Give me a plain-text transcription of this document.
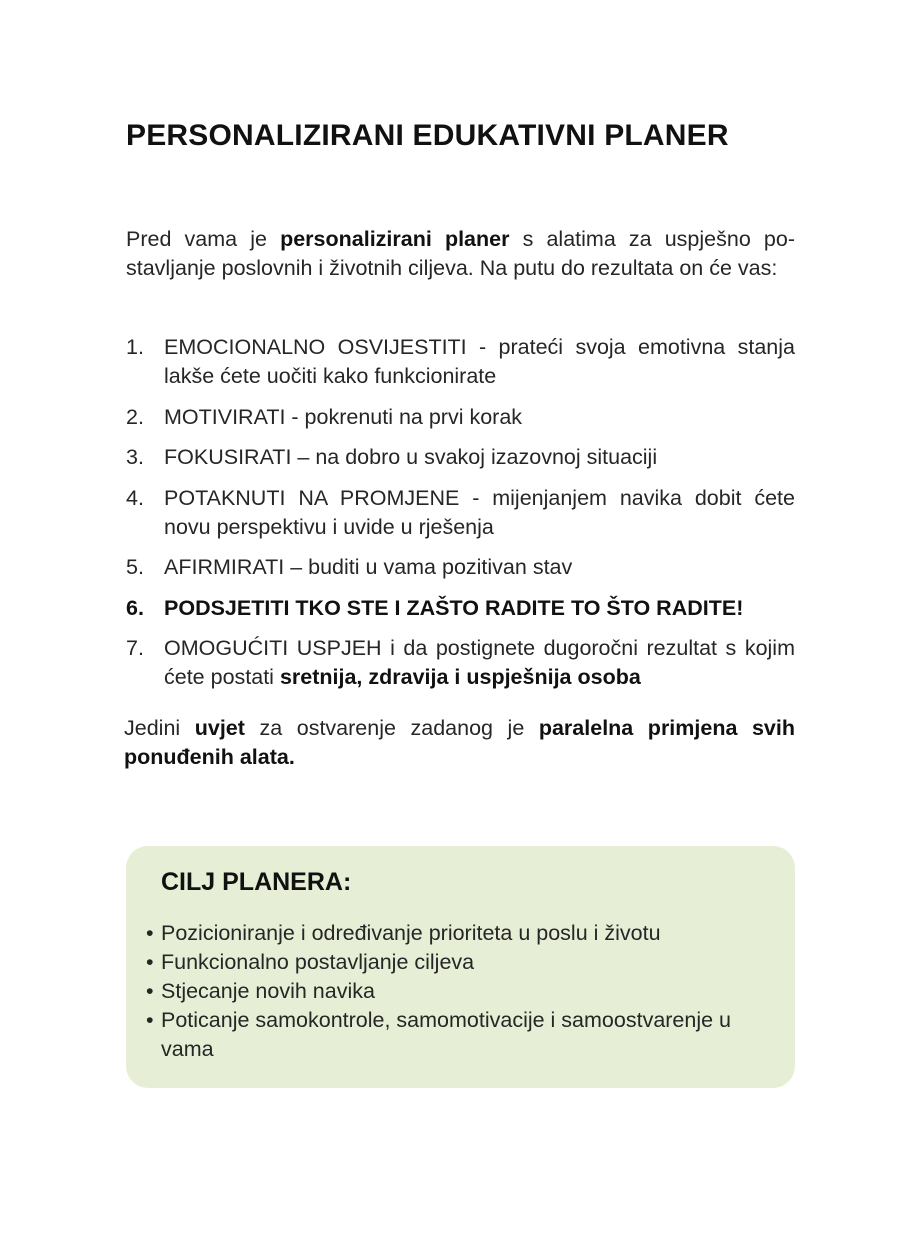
PERSONALIZIRANI EDUKATIVNI PLANER

Pred vama je personalizirani planer s alatima za uspješno postavljanje poslovnih i životnih ciljeva. Na putu do rezultata on će vas:

1. EMOCIONALNO OSVIJESTITI - prateći svoja emotivna stanja lakše ćete uočiti kako funkcionirate
2. MOTIVIRATI - pokrenuti na prvi korak
3. FOKUSIRATI – na dobro u svakoj izazovnoj situaciji
4. POTAKNUTI NA PROMJENE - mijenjanjem navika dobit ćete novu perspektivu i uvide u rješenja
5. AFIRMIRATI – buditi u vama pozitivan stav
6. PODSJETITI TKO STE I ZAŠTO RADITE TO ŠTO RADITE!
7. OMOGUĆITI USPJEH i da postignete dugoročni rezultat s kojim ćete postati sretnija, zdravija i uspješnija osoba

Jedini uvjet za ostvarenje zadanog je paralelna primjena svih ponuđenih alata.

CILJ PLANERA:
• Pozicioniranje i određivanje prioriteta u poslu i životu
• Funkcionalno postavljanje ciljeva
• Stjecanje novih navika
• Poticanje samokontrole, samomotivacije i samoostvarenje u vama
